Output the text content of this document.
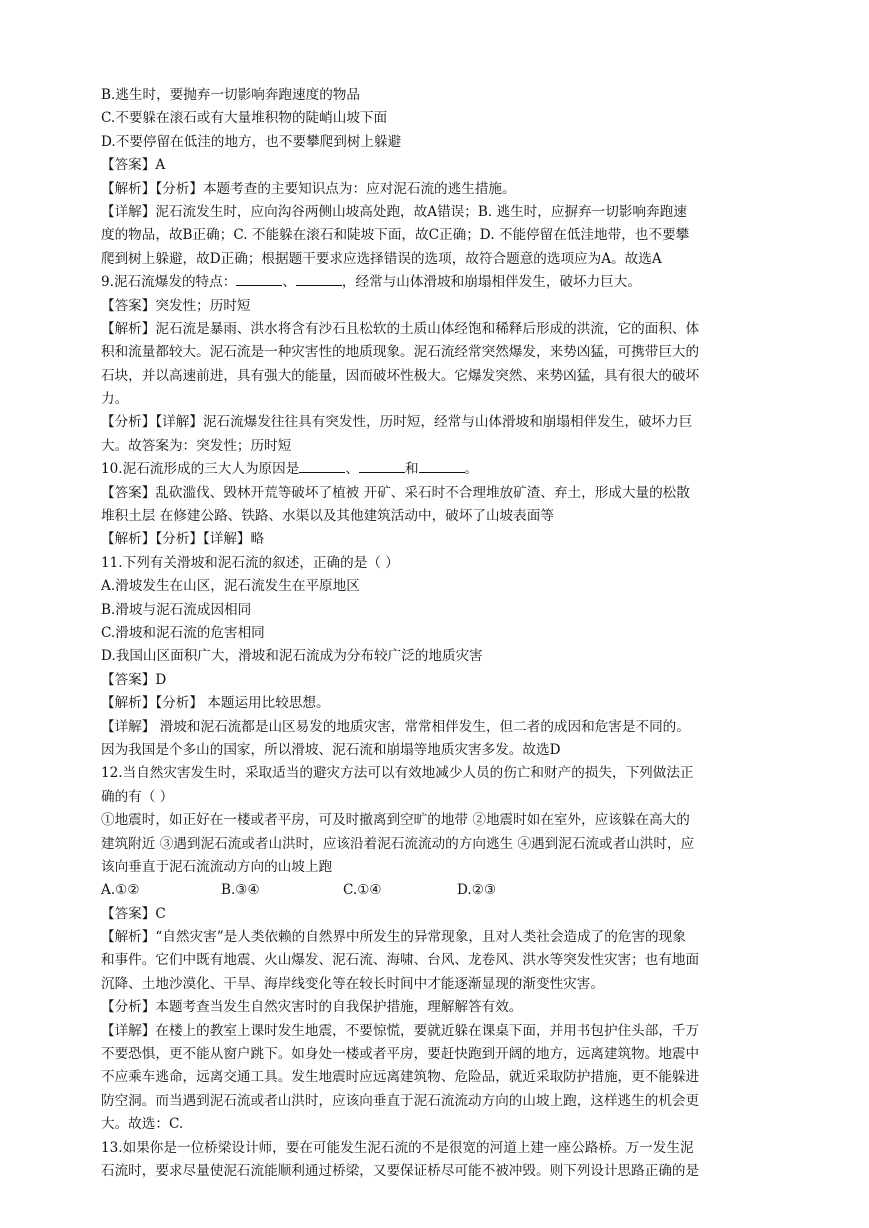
B.逃生时，要抛弃一切影响奔跑速度的物品
C.不要躲在滚石或有大量堆积物的陡峭山坡下面
D.不要停留在低洼的地方，也不要攀爬到树上躲避
【答案】A
【解析】【分析】本题考查的主要知识点为：应对泥石流的逃生措施。
【详解】泥石流发生时，应向沟谷两侧山坡高处跑，故A错误；B. 逃生时，应摒弃一切影响奔跑速
度的物品，故B正确；C. 不能躲在滚石和陡坡下面，故C正确；D. 不能停留在低洼地带，也不要攀
爬到树上躲避，故D正确；根据题干要求应选择错误的选项，故符合题意的选项应为A。故选A
9.泥石流爆发的特点：	、	，经常与山体滑坡和崩塌相伴发生，破坏力巨大。
【答案】突发性；历时短
【解析】泥石流是暴雨、洪水将含有沙石且松软的土质山体经饱和稀释后形成的洪流，它的面积、体
积和流量都较大。泥石流是一种灾害性的地质现象。泥石流经常突然爆发，来势凶猛，可携带巨大的
石块，并以高速前进，具有强大的能量，因而破坏性极大。它爆发突然、来势凶猛，具有很大的破坏
力。
【分析】【详解】泥石流爆发往往具有突发性，历时短，经常与山体滑坡和崩塌相伴发生，破坏力巨
大。故答案为：突发性；历时短
10.泥石流形成的三大人为原因是	、	和	。
【答案】乱砍滥伐、毁林开荒等破坏了植被 开矿、采石时不合理堆放矿渣、弃土，形成大量的松散
堆积土层 在修建公路、铁路、水渠以及其他建筑活动中，破坏了山坡表面等
【解析】【分析】【详解】略
11.下列有关滑坡和泥石流的叙述，正确的是（ ）
A.滑坡发生在山区，泥石流发生在平原地区
B.滑坡与泥石流成因相同
C.滑坡和泥石流的危害相同
D.我国山区面积广大，滑坡和泥石流成为分布较广泛的地质灾害
【答案】D
【解析】【分析】 本题运用比较思想。
【详解】 滑坡和泥石流都是山区易发的地质灾害，常常相伴发生，但二者的成因和危害是不同的。
因为我国是个多山的国家，所以滑坡、泥石流和崩塌等地质灾害多发。故选D
12.当自然灾害发生时，采取适当的避灾方法可以有效地减少人员的伤亡和财产的损失，下列做法正
确的有（ ）
①地震时，如正好在一楼或者平房，可及时撤离到空旷的地带 ②地震时如在室外，应该躲在高大的
建筑附近 ③遇到泥石流或者山洪时，应该沿着泥石流流动的方向逃生 ④遇到泥石流或者山洪时，应
该向垂直于泥石流流动方向的山坡上跑
A.①②	B.③④	C.①④	D.②③
【答案】C
【解析】“自然灾害”是人类依赖的自然界中所发生的异常现象，且对人类社会造成了的危害的现象
和事件。它们中既有地震、火山爆发、泥石流、海啸、台风、龙卷风、洪水等突发性灾害；也有地面
沉降、土地沙漠化、干旱、海岸线变化等在较长时间中才能逐渐显现的渐变性灾害。
【分析】本题考查当发生自然灾害时的自我保护措施，理解解答有效。
【详解】在楼上的教室上课时发生地震，不要惊慌，要就近躲在课桌下面，并用书包护住头部，千万
不要恐惧，更不能从窗户跳下。如身处一楼或者平房，要赶快跑到开阔的地方，远离建筑物。地震中
不应乘车逃命，远离交通工具。发生地震时应远离建筑物、危险品，就近采取防护措施，更不能躲进
防空洞。而当遇到泥石流或者山洪时，应该向垂直于泥石流流动方向的山坡上跑，这样逃生的机会更
大。故选：C.
13.如果你是一位桥梁设计师，要在可能发生泥石流的不是很宽的河道上建一座公路桥。万一发生泥
石流时，要求尽量使泥石流能顺利通过桥梁，又要保证桥尽可能不被冲毁。则下列设计思路正确的是
